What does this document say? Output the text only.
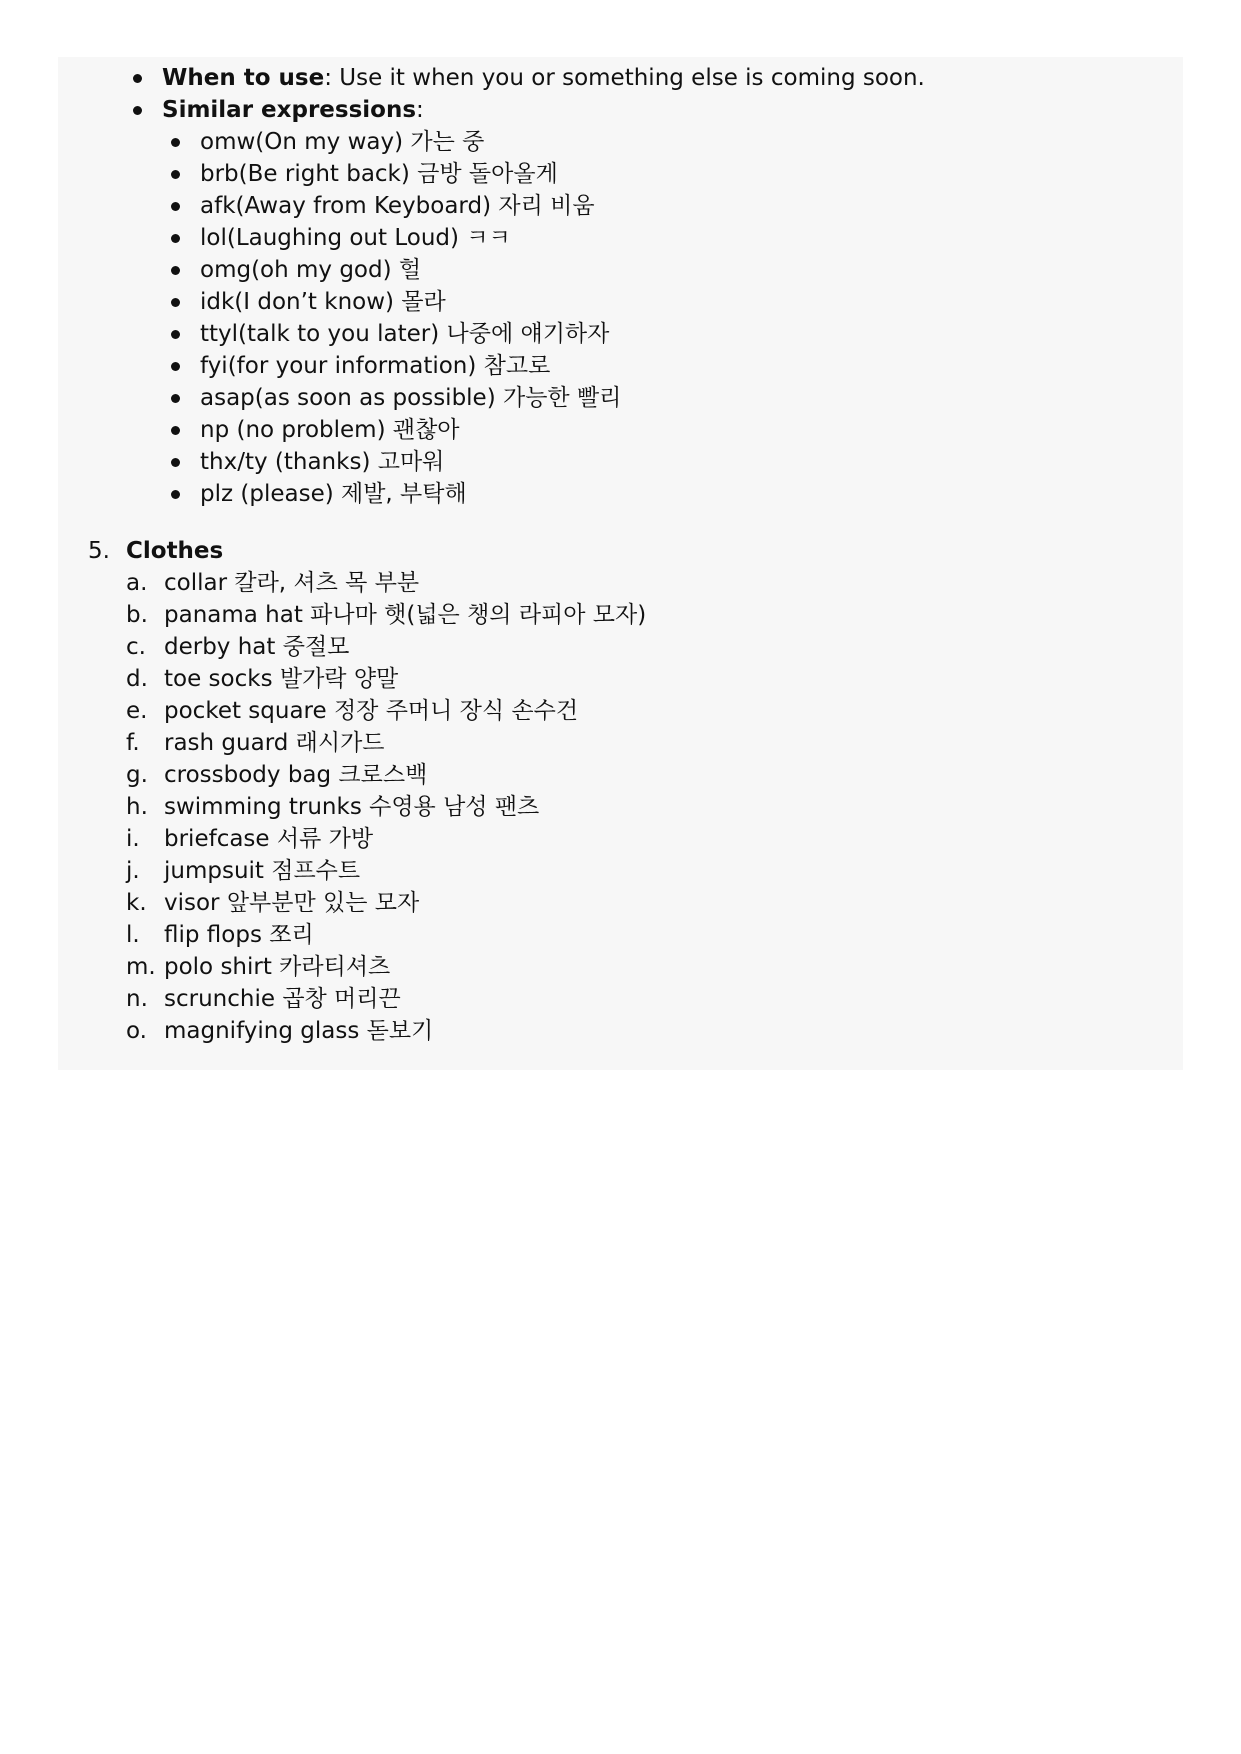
When to use: Use it when you or something else is coming soon.
Similar expressions:
omw(On my way) 가는 중
brb(Be right back) 금방 돌아올게
afk(Away from Keyboard) 자리 비움
lol(Laughing out Loud) ㅋㅋ
omg(oh my god) 헐
idk(I don’t know) 몰라
ttyl(talk to you later) 나중에 얘기하자
fyi(for your information) 참고로
asap(as soon as possible) 가능한 빨리
np (no problem) 괜찮아
thx/ty (thanks) 고마워
plz (please) 제발, 부탁해
5. Clothes
a. collar 칼라, 셔츠 목 부분
b. panama hat 파나마 햇(넓은 챙의 라피아 모자)
c. derby hat 중절모
d. toe socks 발가락 양말
e. pocket square 정장 주머니 장식 손수건
f. rash guard 래시가드
g. crossbody bag 크로스백
h. swimming trunks 수영용 남성 팬츠
i. briefcase 서류 가방
j. jumpsuit 점프수트
k. visor 앞부분만 있는 모자
l. flip flops 쪼리
m. polo shirt 카라티셔츠
n. scrunchie 곱창 머리끈
o. magnifying glass 돋보기
